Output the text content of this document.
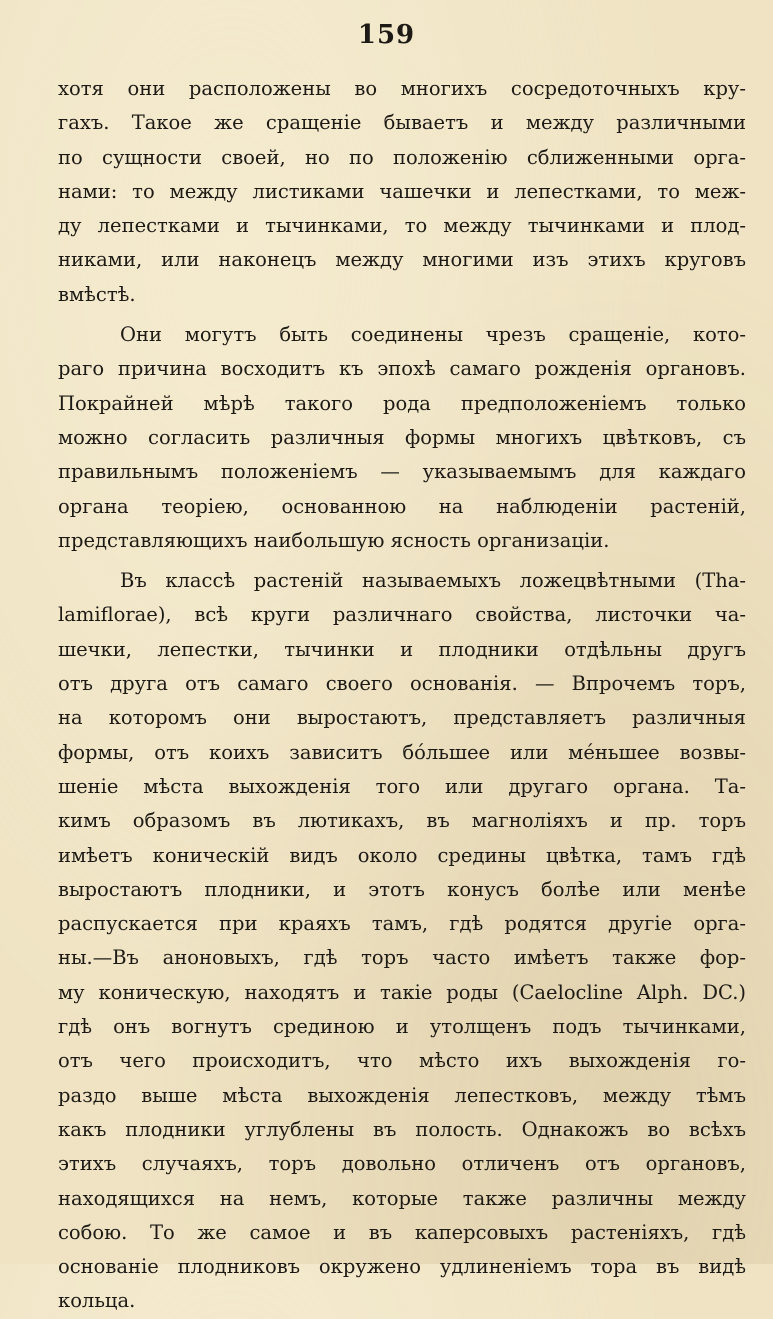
159
хотя они расположены во многихъ сосредоточныхъ кру-
гахъ. Такое же сращеніе бываетъ и между различными
по сущности своей, но по положенію сближенными орга-
нами: то между листиками чашечки и лепестками, то меж-
ду лепестками и тычинками, то между тычинками и плод-
никами, или наконецъ между многими изъ этихъ круговъ
вмѣстѣ.
Они могутъ быть соединены чрезъ сращеніе, кото-
раго причина восходитъ къ эпохѣ самаго рожденія органовъ.
Покрайней мѣрѣ такого рода предположеніемъ только
можно согласить различныя формы многихъ цвѣтковъ, съ
правильнымъ положеніемъ — указываемымъ для каждаго
органа теоріею, основанною на наблюденіи растеній,
представляющихъ наибольшую ясность организаціи.
Въ классѣ растеній называемыхъ ложецвѣтными (Tha-
lamiflorae), всѣ круги различнаго свойства, листочки ча-
шечки, лепестки, тычинки и плодники отдѣльны другъ
отъ друга отъ самаго своего основанія. — Впрочемъ торъ,
на которомъ они выростаютъ, представляетъ различныя
формы, отъ коихъ зависитъ бóльшее или мéньшее возвы-
шеніе мѣста выхожденія того или другаго органа. Та-
кимъ образомъ въ лютикахъ, въ магноліяхъ и пр. торъ
имѣетъ коническій видъ около средины цвѣтка, тамъ гдѣ
выростаютъ плодники, и этотъ конусъ болѣе или менѣе
распускается при краяхъ тамъ, гдѣ родятся другіе орга-
ны.—Въ аноновыхъ, гдѣ торъ часто имѣетъ также фор-
му коническую, находятъ и такіе роды (Caelocline Alph. DC.)
гдѣ онъ вогнутъ срединою и утолщенъ подъ тычинками,
отъ чего происходитъ, что мѣсто ихъ выхожденія го-
раздо выше мѣста выхожденія лепестковъ, между тѣмъ
какъ плодники углублены въ полость. Однакожъ во всѣхъ
этихъ случаяхъ, торъ довольно отличенъ отъ органовъ,
находящихся на немъ, которые также различны между
собою. То же самое и въ каперсовыхъ растеніяхъ, гдѣ
основаніе плодниковъ окружено удлиненіемъ тора въ видѣ
кольца.
